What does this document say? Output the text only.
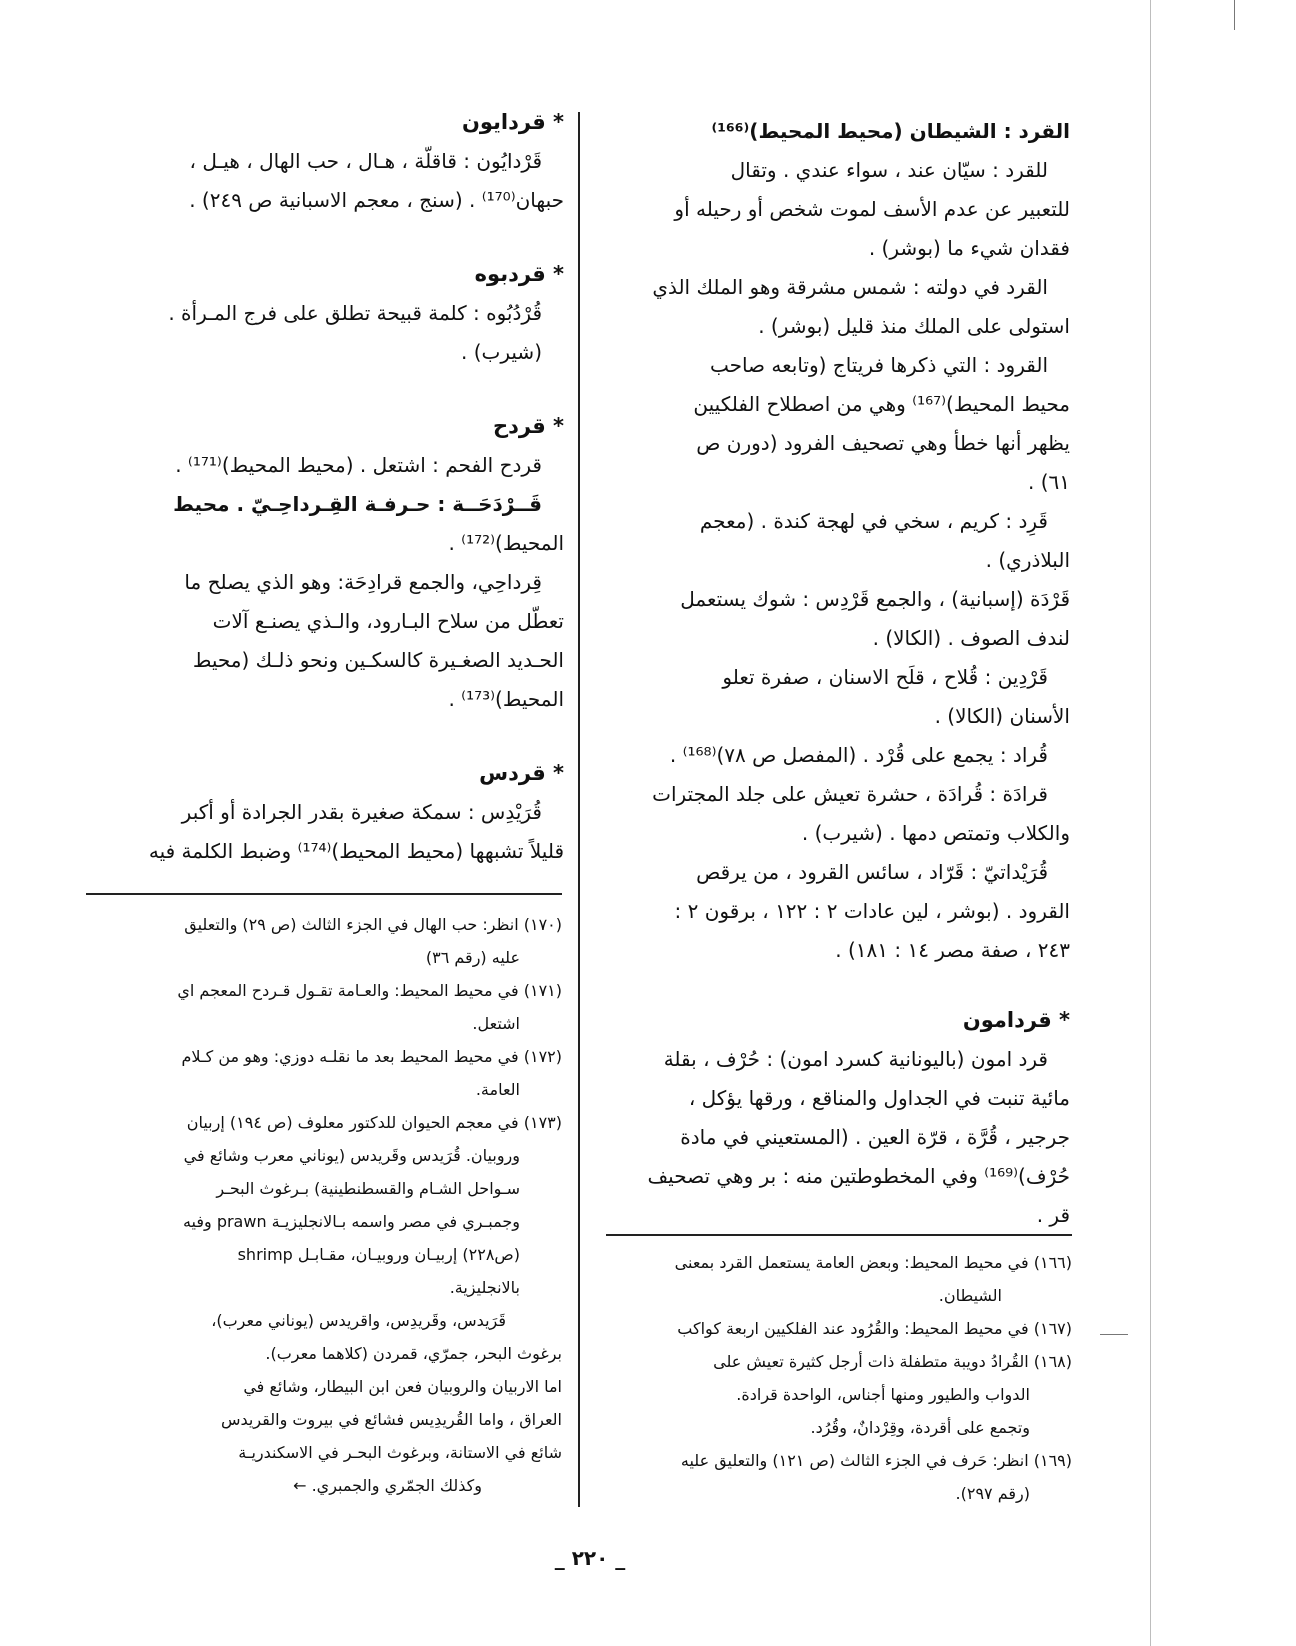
القرد : الشيطان (محيط المحيط)⁽¹⁶⁶⁾
للقرد : سيّان عند ، سواء عندي . وتقال
للتعبير عن عدم الأسف لموت شخص أو رحيله أو
فقدان شيء ما (بوشر) .
القرد في دولته : شمس مشرقة وهو الملك الذي
استولى على الملك منذ قليل (بوشر) .
القرود : التي ذكرها فريتاج (وتابعه صاحب
محيط المحيط)⁽¹⁶⁷⁾ وهي من اصطلاح الفلكيين
يظهر أنها خطأ وهي تصحيف الفرود (دورن ص
٦١) .
قَرِد : كريم ، سخي في لهجة كندة . (معجم
البلاذري) .
قَرْدَة (إسبانية) ، والجمع قَرْدِس : شوك يستعمل
لندف الصوف . (الكالا) .
قَرْدِين : قُلاح ، قلَح الاسنان ، صفرة تعلو
الأسنان (الكالا) .
قُراد : يجمع على قُرْد . (المفصل ص ٧٨)⁽¹⁶⁸⁾ .
قرادَة : قُرادَة ، حشرة تعيش على جلد المجترات
والكلاب وتمتص دمها . (شيرب) .
قُرَيْداتيّ : قَرّاد ، سائس القرود ، من يرقص
القرود . (بوشر ، لين عادات ٢ : ١٢٢ ، برقون ٢ :
٢٤٣ ، صفة مصر ١٤ : ١٨١) .
* قردامون
قرد امون (باليونانية كسرد امون) : حُرْف ، بقلة
مائية تنبت في الجداول والمناقع ، ورقها يؤكل ،
جرجير ، قُرَّة ، قرّة العين . (المستعيني في مادة
حُرْف)⁽¹⁶⁹⁾ وفي المخطوطتين منه : بر وهي تصحيف
قر .
* قردايون
قَرْدايُون : قاقلّة ، هـال ، حب الهال ، هيـل ،
حبهان⁽¹⁷⁰⁾ . (سنج ، معجم الاسبانية ص ٢٤٩) .
* قردبوه
قُرْدُبُوه : كلمة قبيحة تطلق على فرج المـرأة .
(شيرب) .
* قردح
قردح الفحم : اشتعل . (محيط المحيط)⁽¹⁷¹⁾ .
قَــرْدَحَــة : حـرفـة القِـرداحِـيّ . محيط
المحيط)⁽¹⁷²⁾ .
قِرداحِي، والجمع قرادِحَة: وهو الذي يصلح ما
تعطّل من سلاح البـارود، والـذي يصنـع آلات
الحـديد الصغـيرة كالسكـين ونحو ذلـك (محيط
المحيط)⁽¹⁷³⁾ .
* قردس
قُرَيْدِس : سمكة صغيرة بقدر الجرادة أو أكبر
قليلاً تشبهها (محيط المحيط)⁽¹⁷⁴⁾ وضبط الكلمة فيه
(١٧٠) انظر: حب الهال في الجزء الثالث (ص ٢٩) والتعليق
عليه (رقم ٣٦)
(١٧١) في محيط المحيط: والعـامة تقـول قـردح المعجم اي
اشتعل.
(١٧٢) في محيط المحيط بعد ما نقلـه دوزي: وهو من كـلام
العامة.
(١٧٣) في معجم الحيوان للدكتور معلوف (ص ١٩٤) إربيان
وروبيان. قُرَيدس وقَريدس (يوناني معرب وشائع في
سـواحل الشـام والقسطنطينية) بـرغوث البحـر
وجمبـري في مصر واسمه بـالانجليزيـة prawn وفيه
(ص٢٢٨) إربيـان وروبيـان، مقـابـل shrimp
بالانجليزية.
قَرَيدس، وقَريدِس، واقريدس (يوناني معرب)،
برغوث البحر، جمرّي، قمردن (كلاهما معرب).
اما الاربيان والروبيان فعن ابن البيطار، وشائع في
العراق ، واما القُريدِيس فشائع في بيروت والقريدس
شائع في الاستانة، وبرغوث البحـر في الاسكندريـة
وكذلك الجمّري والجمبري. ←
(١٦٦) في محيط المحيط: وبعض العامة يستعمل القرد بمعنى
الشيطان.
(١٦٧) في محيط المحيط: والقُرُود عند الفلكيين اربعة كواكب
(١٦٨) القُرادُ دويبة متطفلة ذات أرجل كثيرة تعيش على
الدواب والطيور ومنها أجناس، الواحدة قرادة.
وتجمع على أقردة، وقِرْدانٌ، وقُرُد.
(١٦٩) انظر: حَرف في الجزء الثالث (ص ١٢١) والتعليق عليه
(رقم ٢٩٧).
_ ٢٢٠ _
